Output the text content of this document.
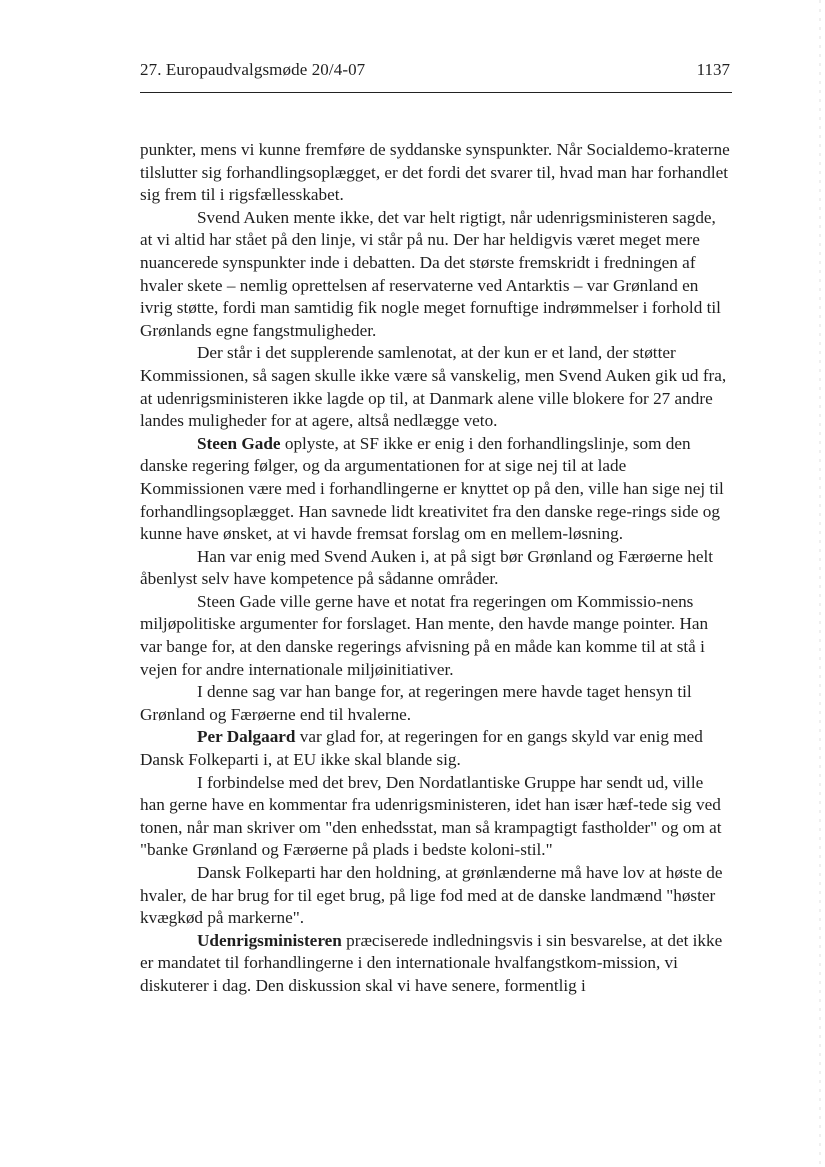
27. Europaudvalgsmøde 20/4-07	1137

punkter, mens vi kunne fremføre de syddanske synspunkter. Når Socialdemo-kraterne tilslutter sig forhandlingsoplægget, er det fordi det svarer til, hvad man har forhandlet sig frem til i rigsfællesskabet.

Svend Auken mente ikke, det var helt rigtigt, når udenrigsministeren sagde, at vi altid har stået på den linje, vi står på nu. Der har heldigvis været meget mere nuancerede synspunkter inde i debatten. Da det største fremskridt i fredningen af hvaler skete – nemlig oprettelsen af reservaterne ved Antarktis – var Grønland en ivrig støtte, fordi man samtidig fik nogle meget fornuftige indrømmelser i forhold til Grønlands egne fangstmuligheder.

Der står i det supplerende samlenotat, at der kun er et land, der støtter Kommissionen, så sagen skulle ikke være så vanskelig, men Svend Auken gik ud fra, at udenrigsministeren ikke lagde op til, at Danmark alene ville blokere for 27 andre landes muligheder for at agere, altså nedlægge veto.

Steen Gade oplyste, at SF ikke er enig i den forhandlingslinje, som den danske regering følger, og da argumentationen for at sige nej til at lade Kommissionen være med i forhandlingerne er knyttet op på den, ville han sige nej til forhandlingsoplægget. Han savnede lidt kreativitet fra den danske rege-rings side og kunne have ønsket, at vi havde fremsat forslag om en mellem-løsning.

Han var enig med Svend Auken i, at på sigt bør Grønland og Færøerne helt åbenlyst selv have kompetence på sådanne områder.

Steen Gade ville gerne have et notat fra regeringen om Kommissio-nens miljøpolitiske argumenter for forslaget. Han mente, den havde mange pointer. Han var bange for, at den danske regerings afvisning på en måde kan komme til at stå i vejen for andre internationale miljøinitiativer.

I denne sag var han bange for, at regeringen mere havde taget hensyn til Grønland og Færøerne end til hvalerne.

Per Dalgaard var glad for, at regeringen for en gangs skyld var enig med Dansk Folkeparti i, at EU ikke skal blande sig.

I forbindelse med det brev, Den Nordatlantiske Gruppe har sendt ud, ville han gerne have en kommentar fra udenrigsministeren, idet han især hæf-tede sig ved tonen, når man skriver om "den enhedsstat, man så krampagtigt fastholder" og om at "banke Grønland og Færøerne på plads i bedste koloni-stil."

Dansk Folkeparti har den holdning, at grønlænderne må have lov at høste de hvaler, de har brug for til eget brug, på lige fod med at de danske landmænd "høster kvægkød på markerne".

Udenrigsministeren præciserede indledningsvis i sin besvarelse, at det ikke er mandatet til forhandlingerne i den internationale hvalfangstkom-mission, vi diskuterer i dag. Den diskussion skal vi have senere, formentlig i
